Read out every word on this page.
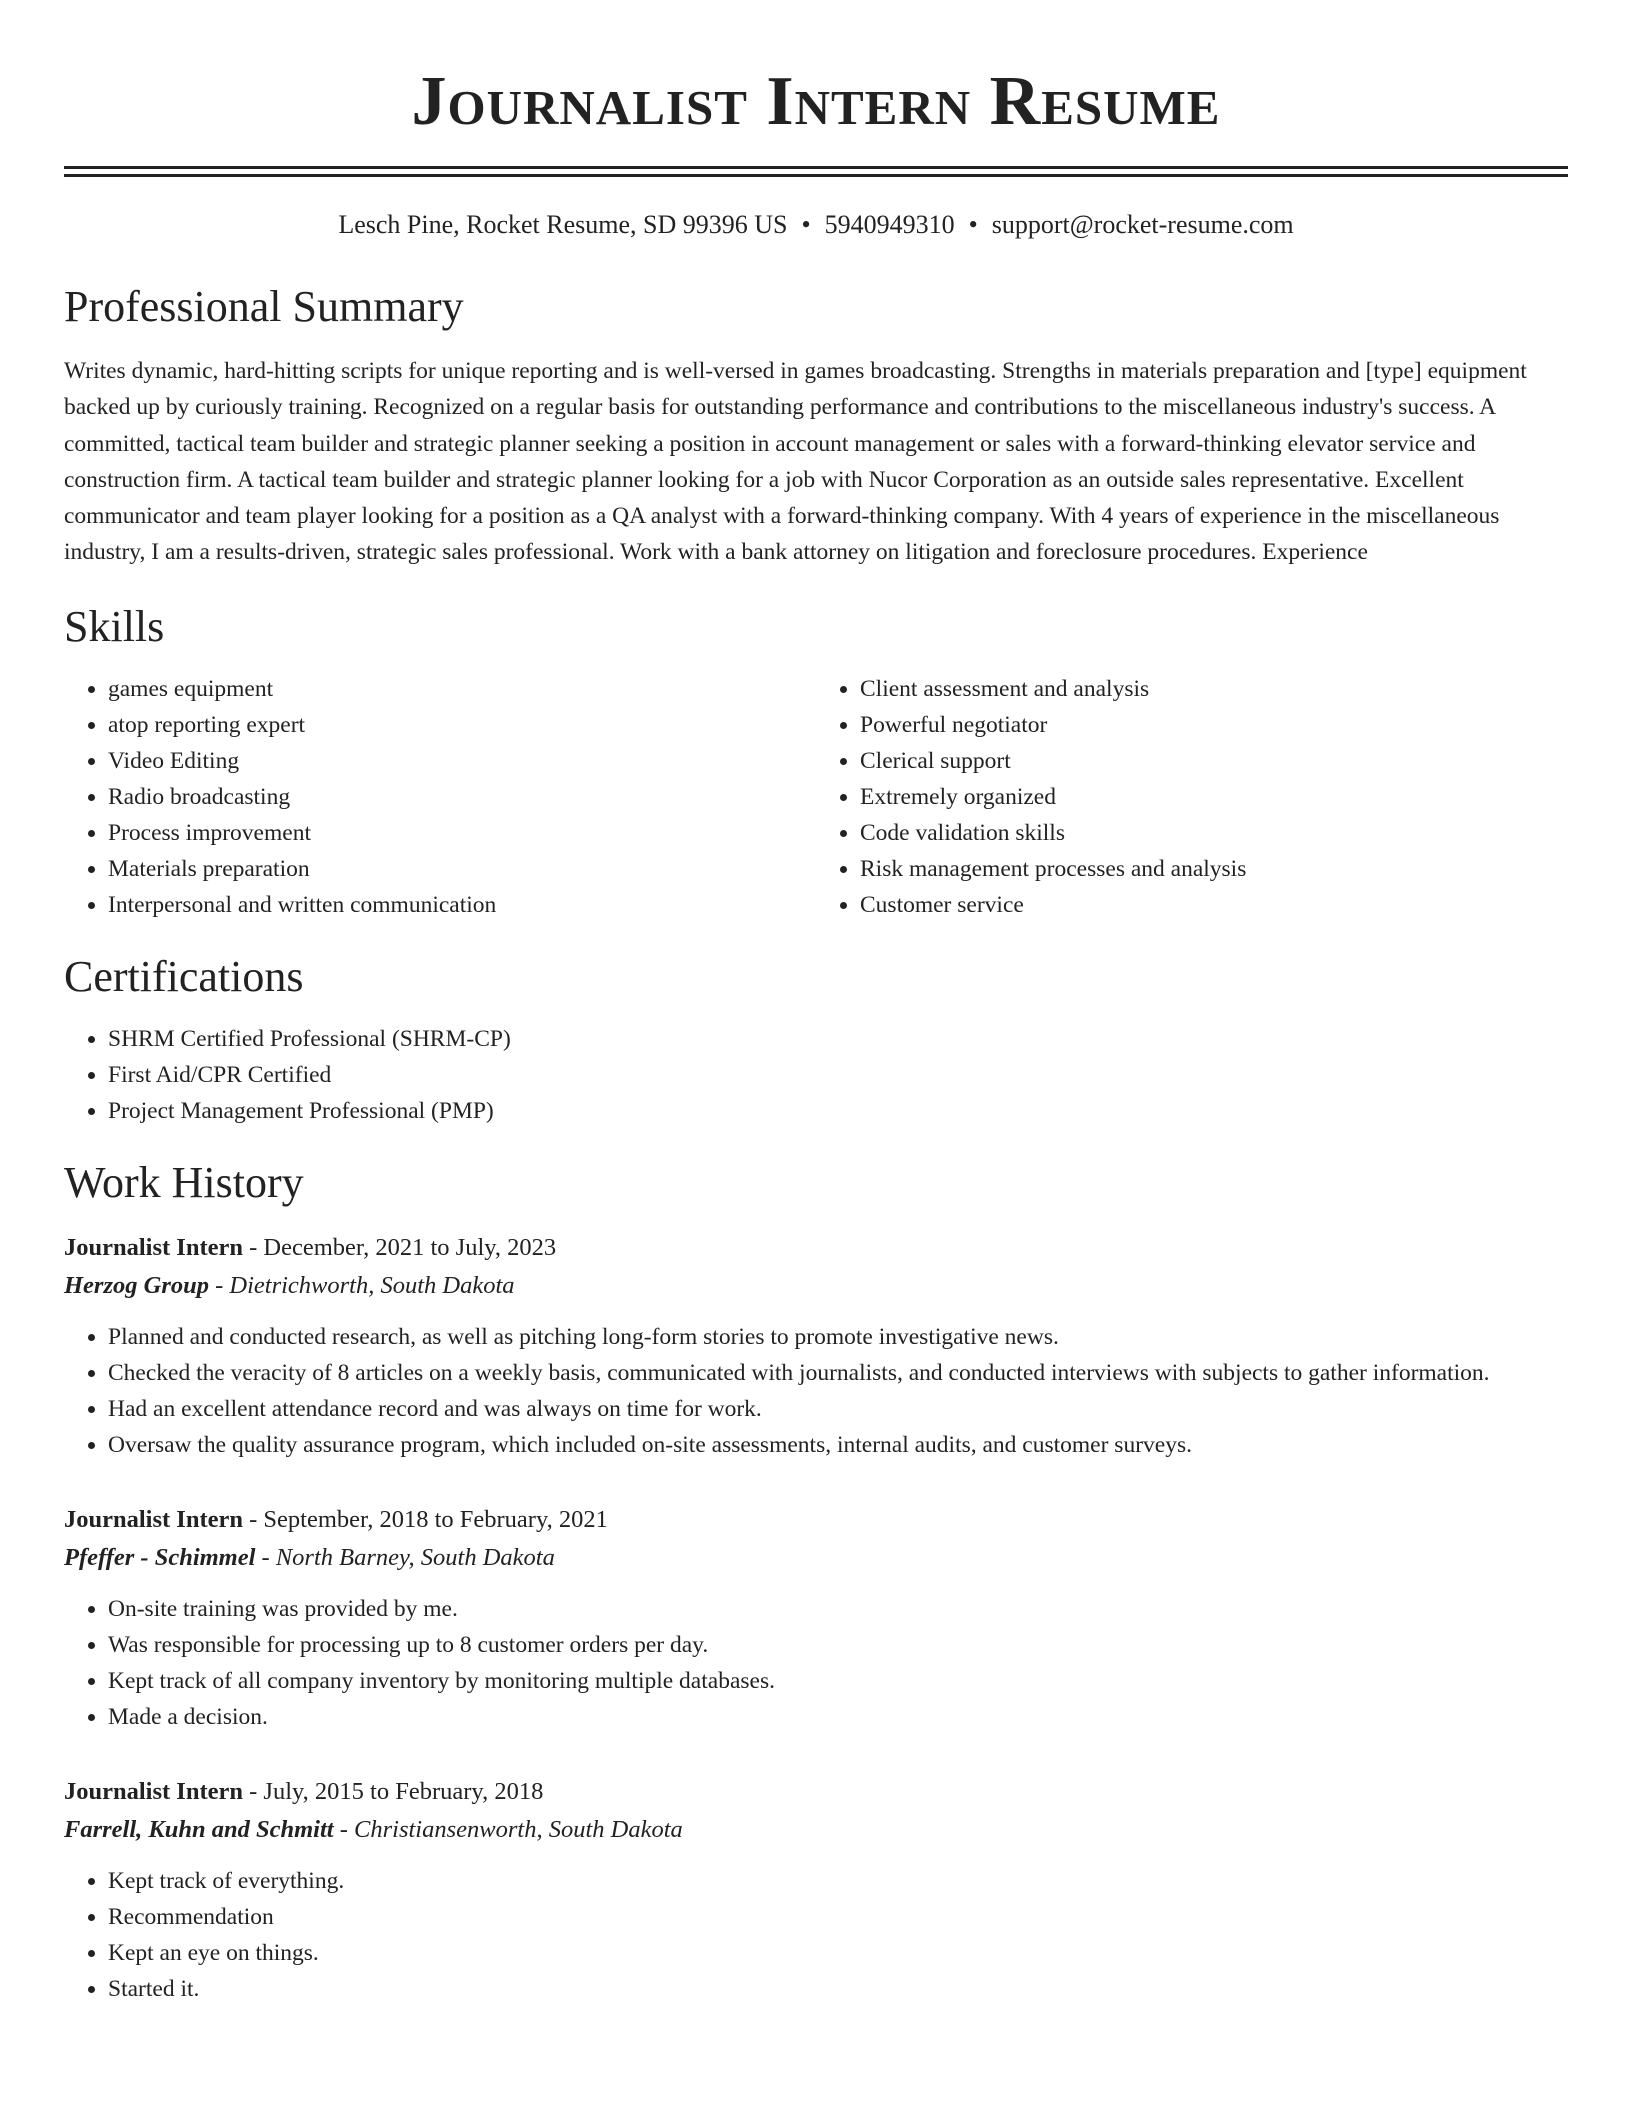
Journalist Intern Resume
Lesch Pine, Rocket Resume, SD 99396 US • 5940949310 • support@rocket-resume.com
Professional Summary

Writes dynamic, hard-hitting scripts for unique reporting and is well-versed in games broadcasting. Strengths in materials preparation and [type] equipment backed up by curiously training. Recognized on a regular basis for outstanding performance and contributions to the miscellaneous industry's success. A committed, tactical team builder and strategic planner seeking a position in account management or sales with a forward-thinking elevator service and construction firm. A tactical team builder and strategic planner looking for a job with Nucor Corporation as an outside sales representative. Excellent communicator and team player looking for a position as a QA analyst with a forward-thinking company. With 4 years of experience in the miscellaneous industry, I am a results-driven, strategic sales professional. Work with a bank attorney on litigation and foreclosure procedures. Experience

Skills
• games equipment
• atop reporting expert
• Video Editing
• Radio broadcasting
• Process improvement
• Materials preparation
• Interpersonal and written communication
• Client assessment and analysis
• Powerful negotiator
• Clerical support
• Extremely organized
• Code validation skills
• Risk management processes and analysis
• Customer service
Certifications
• SHRM Certified Professional (SHRM-CP)
• First Aid/CPR Certified
• Project Management Professional (PMP)
Work History
Journalist Intern - December, 2021 to July, 2023
Herzog Group - Dietrichworth, South Dakota
• Planned and conducted research, as well as pitching long-form stories to promote investigative news.
• Checked the veracity of 8 articles on a weekly basis, communicated with journalists, and conducted interviews with subjects to gather information.
• Had an excellent attendance record and was always on time for work.
• Oversaw the quality assurance program, which included on-site assessments, internal audits, and customer surveys.
Journalist Intern - September, 2018 to February, 2021
Pfeffer - Schimmel - North Barney, South Dakota
• On-site training was provided by me.
• Was responsible for processing up to 8 customer orders per day.
• Kept track of all company inventory by monitoring multiple databases.
• Made a decision.
Journalist Intern - July, 2015 to February, 2018
Farrell, Kuhn and Schmitt - Christiansenworth, South Dakota
• Kept track of everything.
• Recommendation
• Kept an eye on things.
• Started it.
